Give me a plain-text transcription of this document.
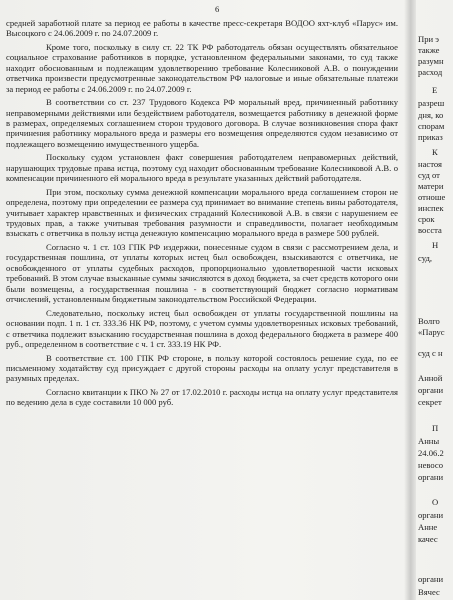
6

средней заработной плате за период ее работы в качестве пресс-секретаря ВОДОО яхт-клуб «Парус» им. Высоцкого с 24.06.2009 г. по 24.07.2009 г.

Кроме того, поскольку в силу ст. 22 ТК РФ работодатель обязан осуществлять обязательное социальное страхование работников в порядке, установленном федеральными законами, то суд также находит обоснованным и подлежащим удовлетворению требование Колесниковой А.В. о понуждении ответчика произвести предусмотренные законодательством РФ налоговые и иные обязательные платежи за период ее работы с 24.06.2009 г. по 24.07.2009 г.

В соответствии со ст. 237 Трудового Кодекса РФ моральный вред, причиненный работнику неправомерными действиями или бездействием работодателя, возмещается работнику в денежной форме в размерах, определяемых соглашением сторон трудового договора. В случае возникновения спора факт причинения работнику морального вреда и размеры его возмещения определяются судом независимо от подлежащего возмещению имущественного ущерба.

Поскольку судом установлен факт совершения работодателем неправомерных действий, нарушающих трудовые права истца, поэтому суд находит обоснованным требование Колесниковой А.В. о компенсации причиненного ей морального вреда в результате указанных действий работодателя.

При этом, поскольку сумма денежной компенсации морального вреда соглашением сторон не определена, поэтому при определении ее размера суд принимает во внимание степень вины работодателя, учитывает характер нравственных и физических страданий Колесниковой А.В. в связи с нарушением ее трудовых прав, а также учитывая требования разумности и справедливости, полагает необходимым взыскать с ответчика в пользу истца денежную компенсацию морального вреда в размере 500 рублей.

Согласно ч. 1 ст. 103 ГПК РФ издержки, понесенные судом в связи с рассмотрением дела, и государственная пошлина, от уплаты которых истец был освобожден, взыскиваются с ответчика, не освобожденного от уплаты судебных расходов, пропорционально удовлетворенной части исковых требований. В этом случае взысканные суммы зачисляются в доход бюджета, за счет средств которого они были возмещены, а государственная пошлина - в соответствующий бюджет согласно нормативам отчислений, установленным бюджетным законодательством Российской Федерации.

Следовательно, поскольку истец был освобожден от уплаты государственной пошлины на основании подп. 1 п. 1 ст. 333.36 НК РФ, поэтому, с учетом суммы удовлетворенных исковых требований, с ответчика подлежит взысканию государственная пошлина в доход федерального бюджета в размере 400 руб., определенном в соответствие с ч. 1 ст. 333.19 НК РФ.

В соответствие ст. 100 ГПК РФ стороне, в пользу которой состоялось решение суда, по ее письменному ходатайству суд присуждает с другой стороны расходы на оплату услуг представителя в разумных пределах.

Согласно квитанции к ПКО № 27 от 17.02.2010 г. расходы истца на оплату услуг представителя по ведению дела в суде составили 10 000 руб.

При э
также
разумн
расход
Е
разреш
дня, ко
спорам
приказ
К
настоя
суд от
матери
отноше
инспек
срок
восста
Н
суд,
Волго
«Парус
суд с н
Анной
органи
секрет
П
Анны
24.06.2
невосо
органи
О
органи
Анне
качес
органи
Вячес
